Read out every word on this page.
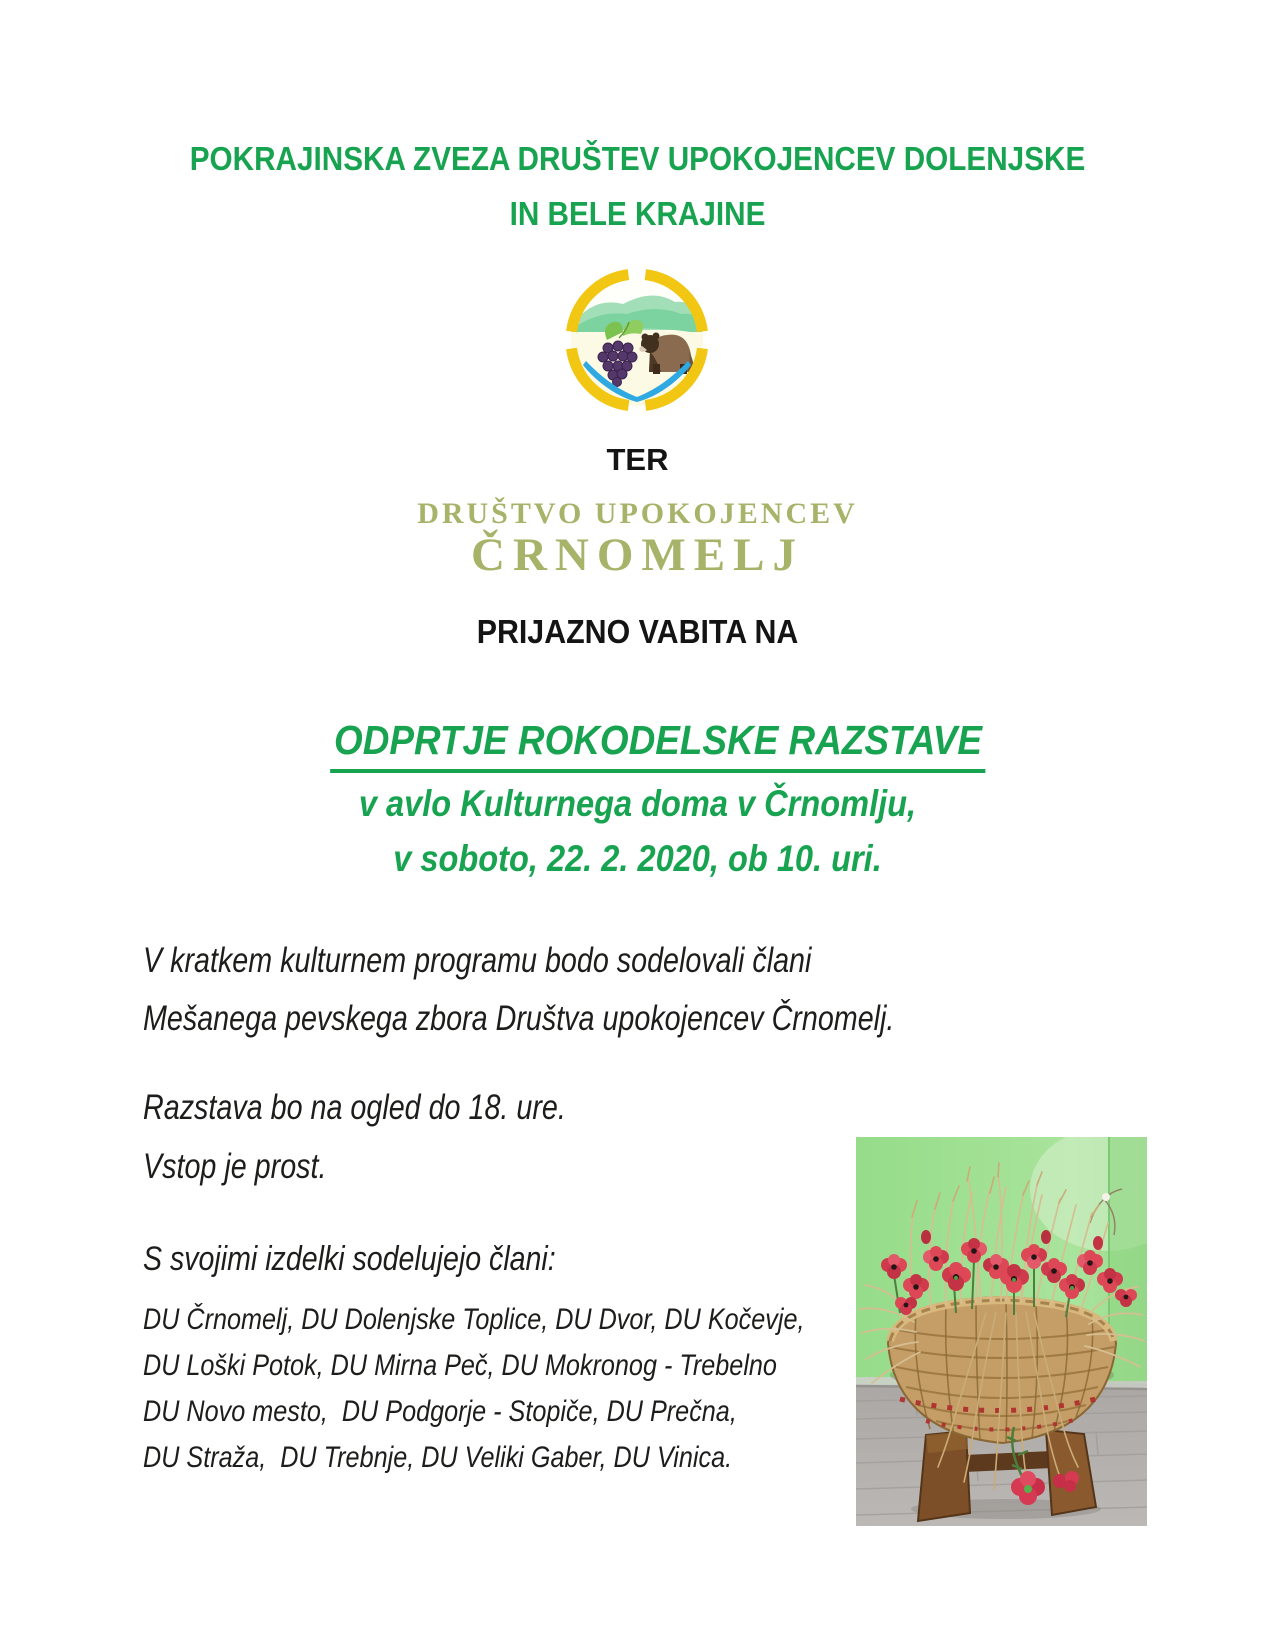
POKRAJINSKA ZVEZA DRUŠTEV UPOKOJENCEV DOLENJSKE
IN BELE KRAJINE
TER
DRUŠTVO UPOKOJENCEV
ČRNOMELJ
PRIJAZNO VABITA NA

ODPRTJE ROKODELSKE RAZSTAVE

v avlo Kulturnega doma v Črnomlju,
v soboto, 22. 2. 2020, ob 10. uri.
V kratkem kulturnem programu bodo sodelovali člani
Mešanega pevskega zbora Društva upokojencev Črnomelj.
Razstava bo na ogled do 18. ure.
Vstop je prost.
S svojimi izdelki sodelujejo člani:
DU Črnomelj, DU Dolenjske Toplice, DU Dvor, DU Kočevje,
DU Loški Potok, DU Mirna Peč, DU Mokronog - Trebelno
DU Novo mesto,  DU Podgorje - Stopiče, DU Prečna,
DU Straža,  DU Trebnje, DU Veliki Gaber, DU Vinica.
